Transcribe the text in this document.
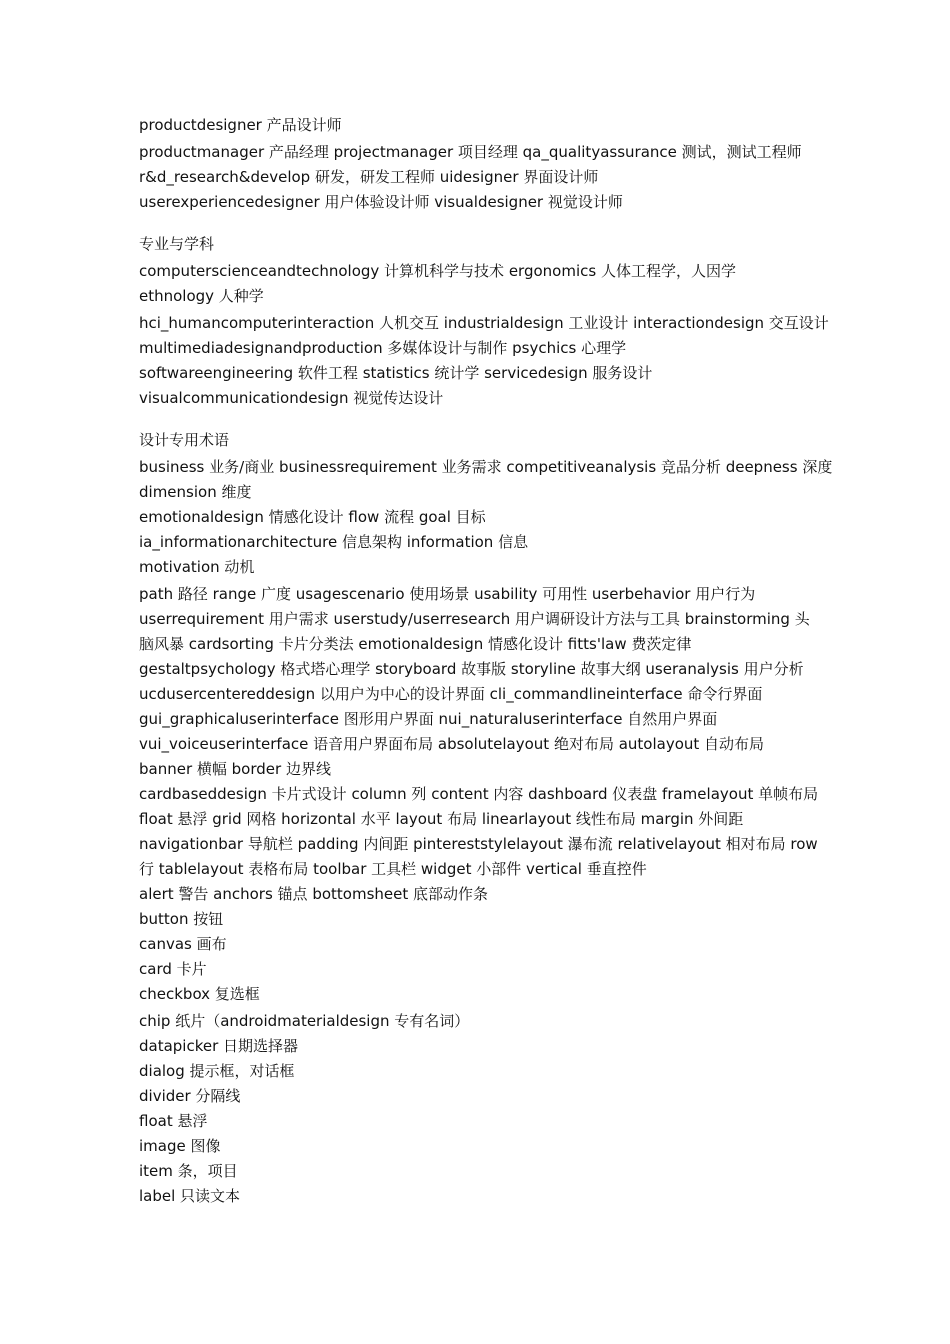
productdesigner 产品设计师

productmanager 产品经理 projectmanager 项目经理 qa_qualityassurance 测试，测试工程师

r&d_research&develop 研发，研发工程师 uidesigner 界面设计师

userexperiencedesigner 用户体验设计师 visualdesigner 视觉设计师

专业与学科

computerscienceandtechnology 计算机科学与技术 ergonomics 人体工程学，人因学

ethnology 人种学

hci_humancomputerinteraction 人机交互 industrialdesign 工业设计 interactiondesign 交互设计

multimediadesignandproduction 多媒体设计与制作 psychics 心理学

softwareengineering 软件工程 statistics 统计学 servicedesign 服务设计

visualcommunicationdesign 视觉传达设计

设计专用术语

business 业务/商业 businessrequirement 业务需求 competitiveanalysis 竞品分析 deepness 深度

dimension 维度

emotionaldesign 情感化设计 flow 流程 goal 目标

ia_informationarchitecture 信息架构 information 信息

motivation 动机

path 路径 range 广度 usagescenario 使用场景 usability 可用性 userbehavior 用户行为

userrequirement 用户需求 userstudy/userresearch 用户调研设计方法与工具 brainstorming 头

脑风暴 cardsorting 卡片分类法 emotionaldesign 情感化设计 fitts'law 费茨定律

gestaltpsychology 格式塔心理学 storyboard 故事版 storyline 故事大纲 useranalysis 用户分析

ucdusercentereddesign 以用户为中心的设计界面 cli_commandlineinterface 命令行界面

gui_graphicaluserinterface 图形用户界面 nui_naturaluserinterface 自然用户界面

vui_voiceuserinterface 语音用户界面布局 absolutelayout 绝对布局 autolayout 自动布局

banner 横幅 border 边界线

cardbaseddesign 卡片式设计 column 列 content 内容 dashboard 仪表盘 framelayout 单帧布局

float 悬浮 grid 网格 horizontal 水平 layout 布局 linearlayout 线性布局 margin 外间距

navigationbar 导航栏 padding 内间距 pintereststylelayout 瀑布流 relativelayout 相对布局 row

行 tablelayout 表格布局 toolbar 工具栏 widget 小部件 vertical 垂直控件

alert 警告 anchors 锚点 bottomsheet 底部动作条

button 按钮

canvas 画布

card 卡片

checkbox 复选框

chip 纸片（androidmaterialdesign 专有名词）

datapicker 日期选择器

dialog 提示框，对话框

divider 分隔线

float 悬浮

image 图像

item 条，项目

label 只读文本
